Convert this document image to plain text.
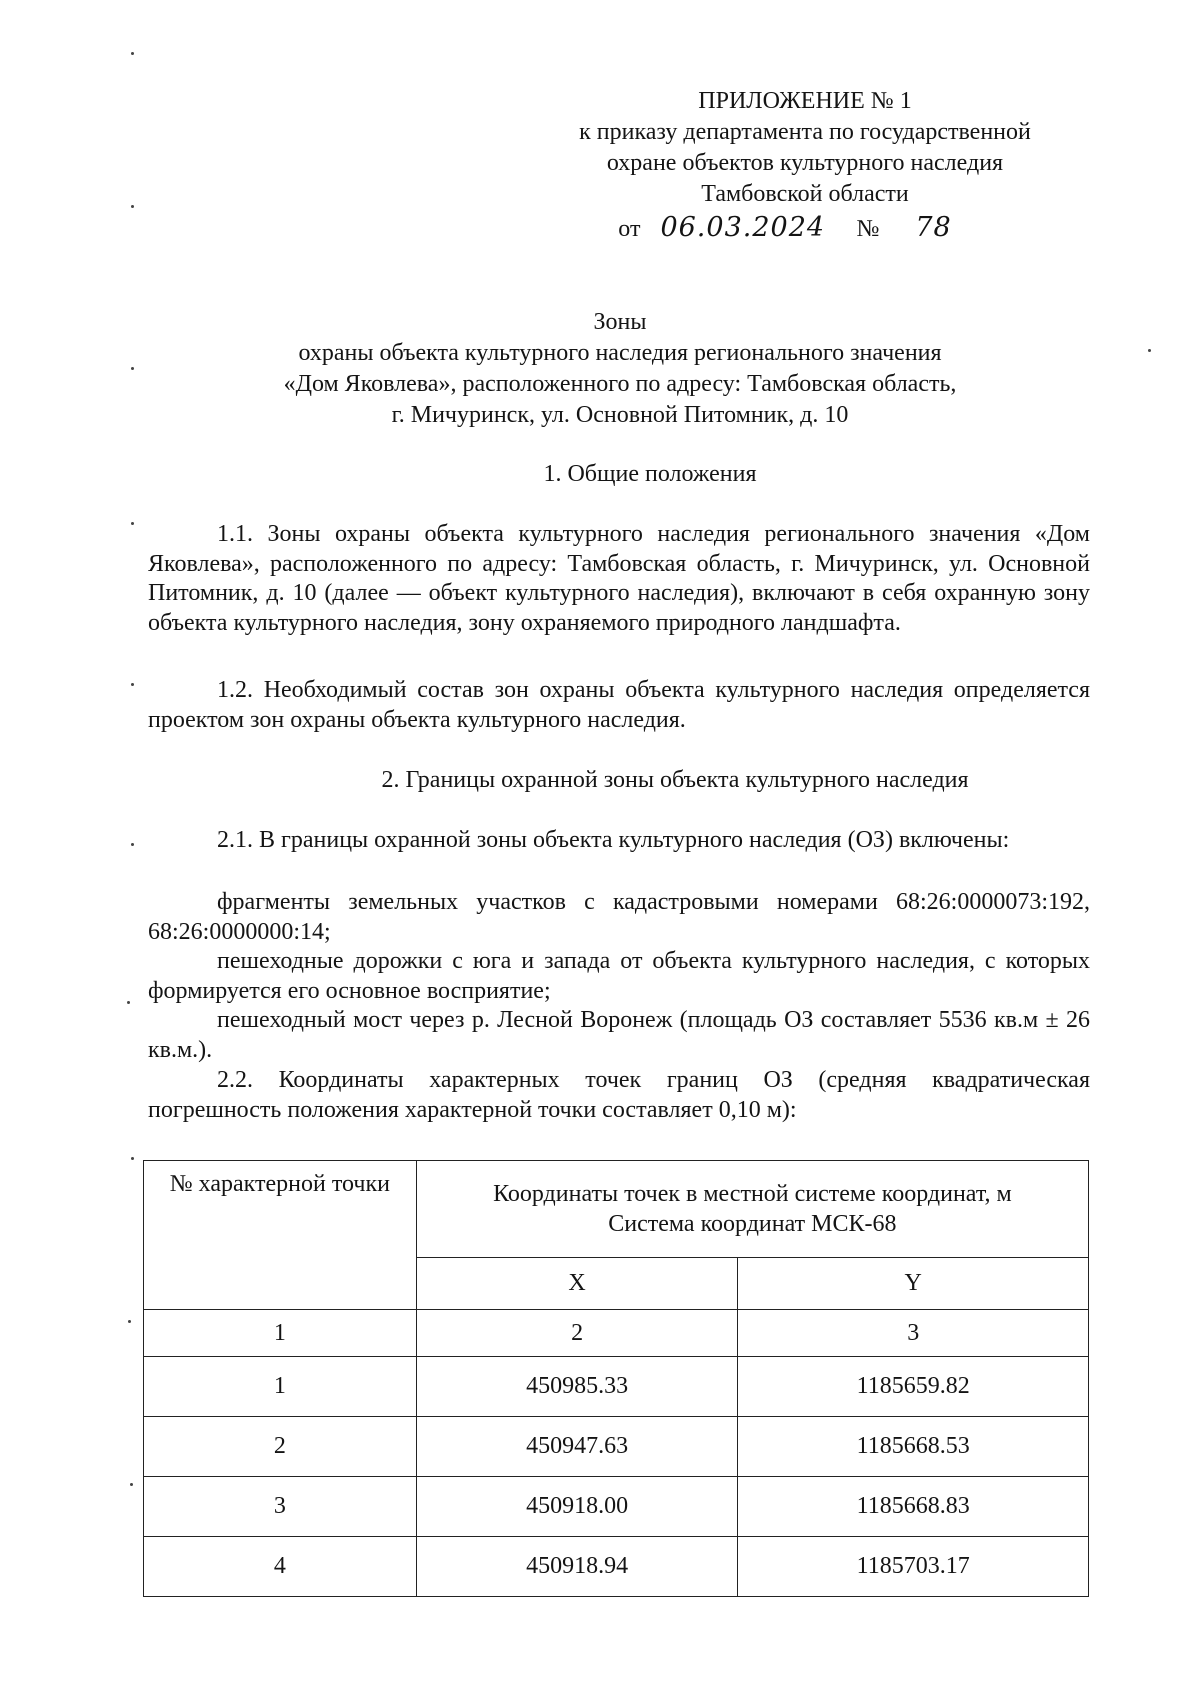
ПРИЛОЖЕНИЕ № 1
к приказу департамента по государственной
охране объектов культурного наследия
Тамбовской области
от 06.03.2024 № 78
Зоны
охраны объекта культурного наследия регионального значения
«Дом Яковлева», расположенного по адресу: Тамбовская область,
г. Мичуринск, ул. Основной Питомник, д. 10
1. Общие положения
1.1. Зоны охраны объекта культурного наследия регионального значения «Дом Яковлева», расположенного по адресу: Тамбовская область, г. Мичуринск, ул. Основной Питомник, д. 10 (далее — объект культурного наследия), включают в себя охранную зону объекта культурного наследия, зону охраняемого природного ландшафта.
1.2. Необходимый состав зон охраны объекта культурного наследия определяется проектом зон охраны объекта культурного наследия.
2. Границы охранной зоны объекта культурного наследия
2.1. В границы охранной зоны объекта культурного наследия (ОЗ) включены:
фрагменты земельных участков с кадастровыми номерами 68:26:0000073:192, 68:26:0000000:14;
пешеходные дорожки с юга и запада от объекта культурного наследия, с которых формируется его основное восприятие;
пешеходный мост через р. Лесной Воронеж (площадь ОЗ составляет 5536 кв.м ± 26 кв.м.).
2.2. Координаты характерных точек границ ОЗ (средняя квадратическая погрешность положения характерной точки составляет 0,10 м):
№ характерной точки	Координаты точек в местной системе координат, м
Система координат МСК-68	

	X	Y
1	2	3
1	450985.33	1185659.82
2	450947.63	1185668.53
3	450918.00	1185668.83
4	450918.94	1185703.17
